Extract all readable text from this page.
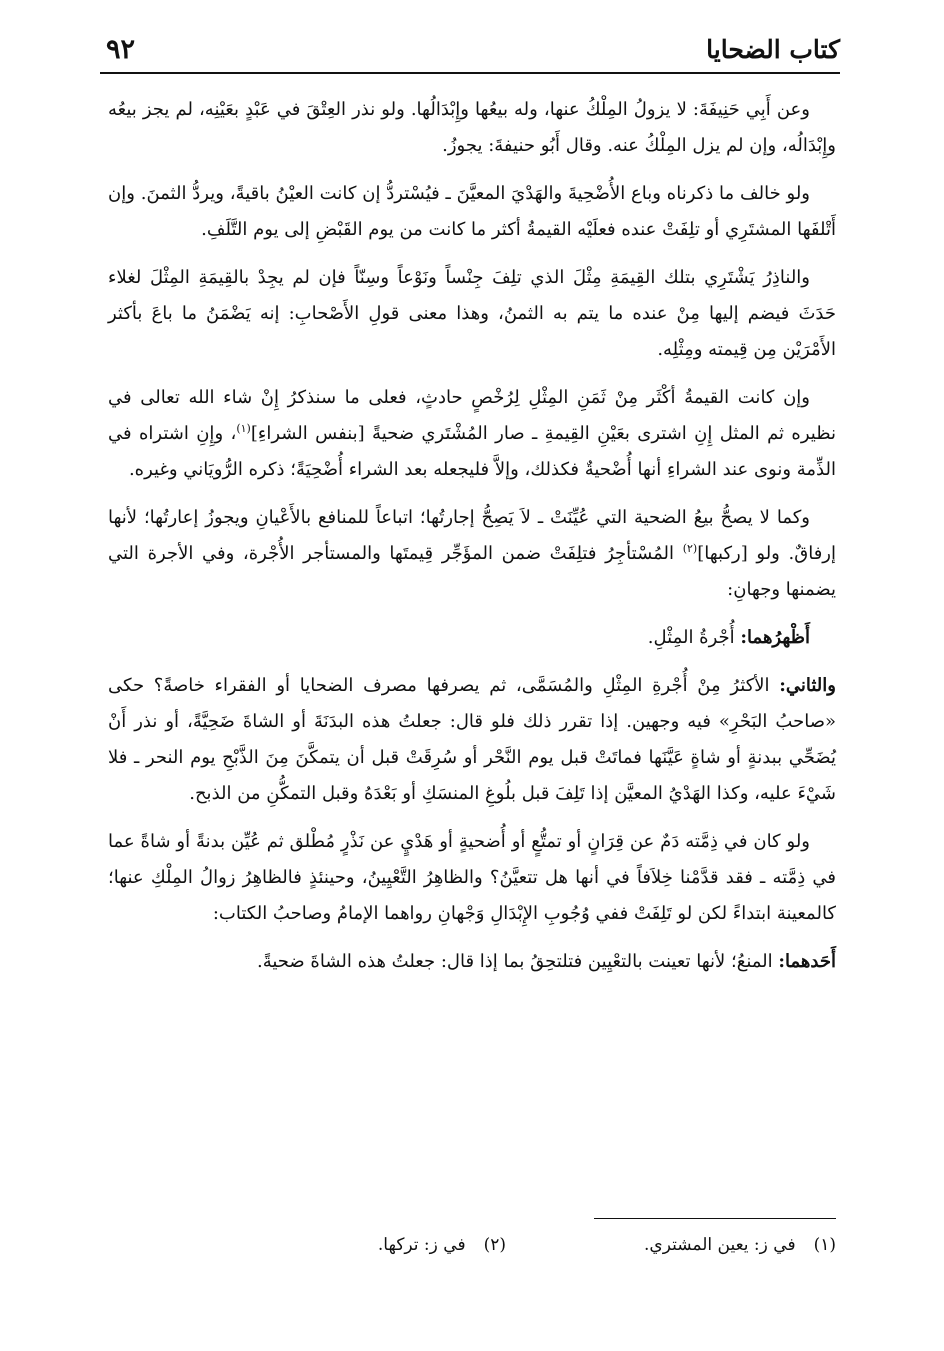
كتاب الضحايا
٩٢

وعن أَبِي حَنِيفَةَ: لا يزولُ المِلْكُ عنها، وله بيعُها وإِبْدَالُها. ولو نذر العِتْقَ في عَبْدٍ بعَيْنِه، لم يجز بيعُه وإِبْدَالُه، وإن لم يزل المِلْكُ عنه. وقال أَبُو حنيفةَ: يجوزُ.

ولو خالف ما ذكرناه وباع الأُضْحِيةَ والهَدْيَ المعيَّنَ ـ فيُسْتردُّ إن كانت العيْنُ باقيةً، ويردُّ الثمنَ. وإن أَتْلفَها المشتَرِي أو تلِفَتْ عنده فعلَيْه القيمةُ أكثر ما كانت من يوم القَبْضِ إلى يوم التَّلَفِ.

والناذِرُ يَشْتَرِي بتلك القِيمَةِ مِثْلَ الذي تلِفَ جِنْساً ونَوْعاً وسِنّاً فإن لم يجِدْ بالقِيمَةِ المِثْلَ لغلاء حَدَثَ فيضم إليها مِنْ عنده ما يتم به الثمنُ، وهذا معنى قولِ الأَصْحابِ: إنه يَضْمَنُ ما باعَ بأكثر الأَمْرَيْن مِن قِيمته ومِثْلِه.

وإن كانت القيمةُ أكْثَر مِنْ ثَمَنِ المِثْلِ لِرُخْصٍ حادثٍ، فعلى ما سنذكرُ إِنْ شاء الله تعالى في نظيره ثم المثل إِنِ اشترى بعَيْنِ القِيمةِ ـ صار المُشْتَري ضحيةً [بنفس الشراءِ]$^{(١)}$، وإِنِ اشتراه في الذِّمة ونوى عند الشراءِ أنها أُضْحيةٌ فكذلك، وإلاَّ فليجعله بعد الشراء أُضْحِيَةً؛ ذكره الرُّويَاني وغيره.

وكما لا يصحُّ بيعُ الضحية التي عُيِّنَتْ ـ لاَ يَصِحُّ إجارتُها؛ اتباعاً للمنافع بالأَعْيانِ ويجوزُ إعارتُها؛ لأنها إرفاقٌ. ولو [ركبها]$^{(٢)}$ المُسْتأجِرُ فتلِفَتْ ضمن المؤَجِّر قِيمتَها والمستأجر الأُجْرة، وفي الأجرة التي يضمنها وجهانِ:

أَظْهرُهما: أُجْرةُ المِثْلِ.

والثاني: الأكثرُ مِنْ أُجْرةِ المِثْلِ والمُسَمَّى، ثم يصرفها مصرف الضحايا أو الفقراء خاصةً؟ حكى «صاحبُ البَحْرِ» فيه وجهين. إذا تقرر ذلك فلو قال: جعلتُ هذه البدَنَةَ أو الشاةَ ضَحِيَّةً، أو نذر أَنْ يُضَحِّي ببدنةٍ أو شاةٍ عَيَّنَها فماتَتْ قبل يوم النَّحْر أو سُرِقَتْ قبل أن يتمكَّنَ مِنَ الذَّبْحِ يوم النحر ـ فلا شَيْءَ عليه، وكذا الهَدْيُ المعيَّن إذا تَلِفَ قبل بلُوغِ المنسَكِ أو بَعْدَهُ وقبل التمكُّنِ من الذبح.

ولو كان في ذِمَّته دَمٌ عن قِرَانٍ أو تمتُّعٍ أو أُضحيةٍ أو هَدْيٍ عن نَذْرٍ مُطْلق ثم عُيِّن بدنةً أو شاةً عما في ذِمَّته ـ فقد قدَّمْنا خِلاَفاً في أنها هل تتعيَّنُ؟ والظاهِرُ التَّعْيِينُ، وحينئذٍ فالظاهِرُ زوالُ المِلْكِ عنها؛ كالمعينة ابتداءً لكن لو تَلِفَتْ ففي وُجُوبِ الإِبْدَالِ وَجْهانِ رواهما الإمامُ وصاحبُ الكتاب:

أَحَدهما: المنعُ؛ لأنها تعينت بالتعْيِين فتلتحِقُ بما إذا قال: جعلتُ هذه الشاةَ ضحيةً.

(١)في ز: يعين المشتري.
(٢)في ز: تركها.
